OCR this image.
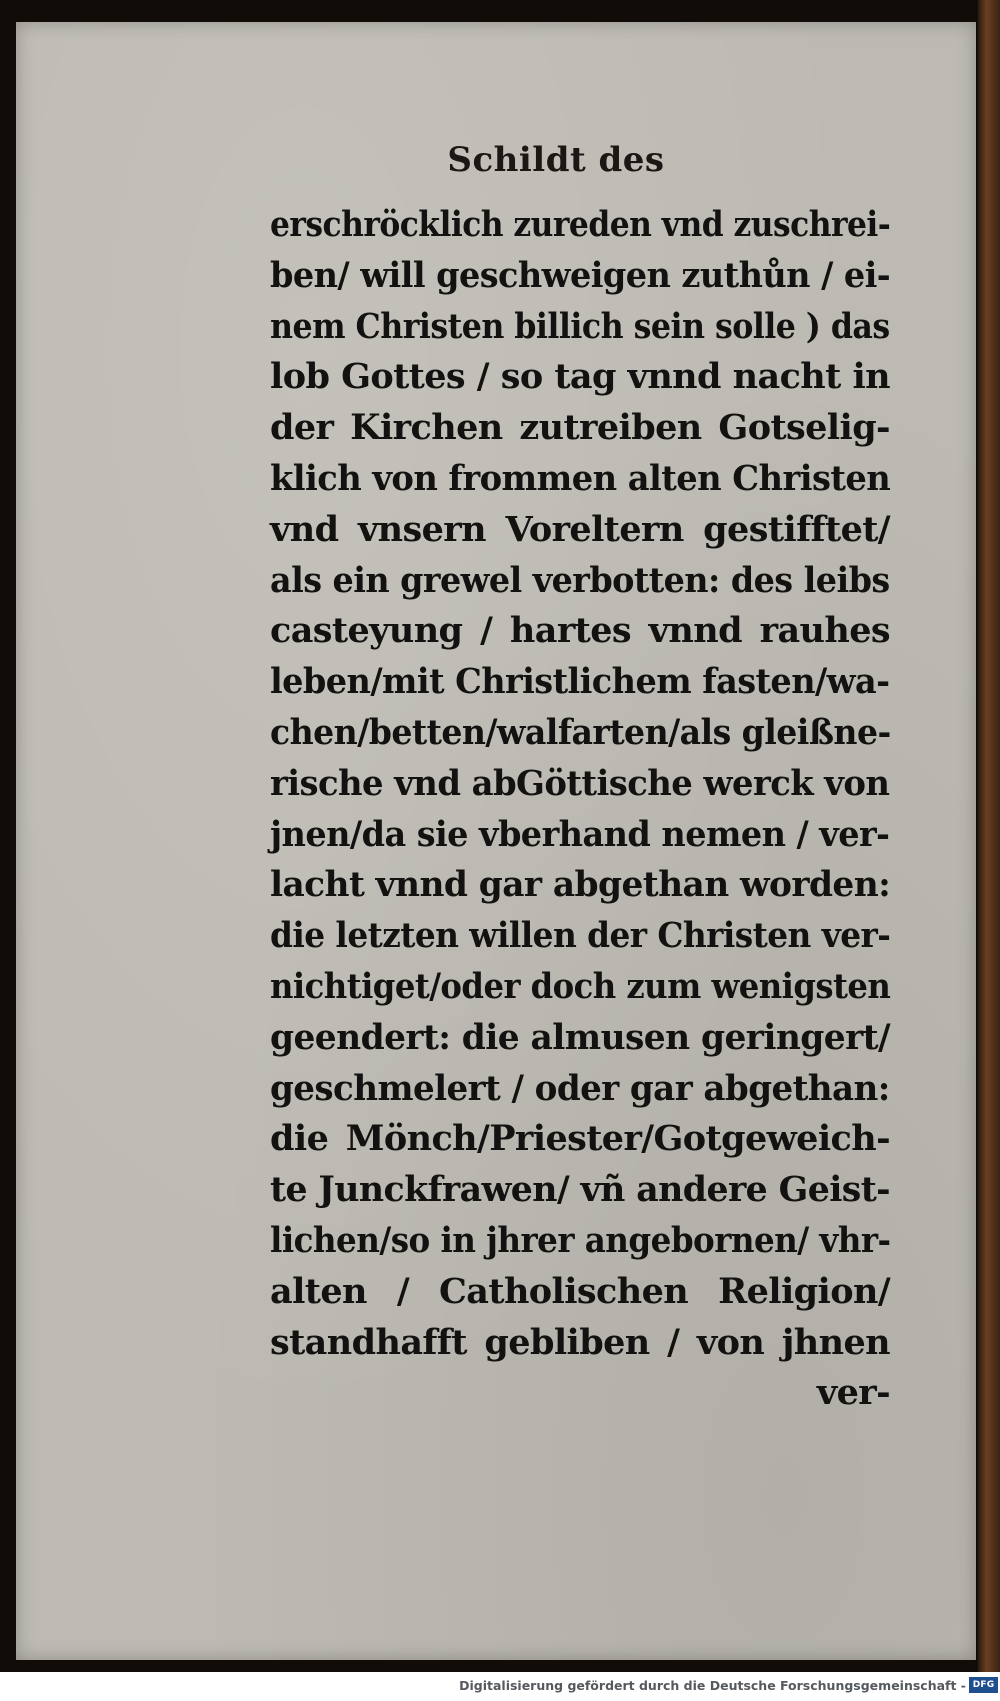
Schildt des
erschröcklich zureden vnd zuschrei-
ben/ will geschweigen zuthůn / ei-
nem Christen billich sein solle ) das
lob Gottes / so tag vnnd nacht in
der Kirchen zutreiben Gotselig-
klich von frommen alten Christen
vnd vnsern Voreltern gestifftet/
als ein grewel verbotten: des leibs
casteyung / hartes vnnd rauhes
leben/mit Christlichem fasten/wa-
chen/betten/walfarten/als gleißne-
rische vnd abGöttische werck von
jnen/da sie vberhand nemen / ver-
lacht vnnd gar abgethan worden:
die letzten willen der Christen ver-
nichtiget/oder doch zum wenigsten
geendert: die almusen geringert/
geschmelert / oder gar abgethan:
die Mönch/Priester/Gotgeweich-
te Junckfrawen/ vñ andere Geist-
lichen/so in jhrer angebornen/ vhr-
alten / Catholischen Religion/
standhafft gebliben / von jhnen
ver-
Digitalisierung gefördert durch die Deutsche Forschungsgemeinschaft - DFG
